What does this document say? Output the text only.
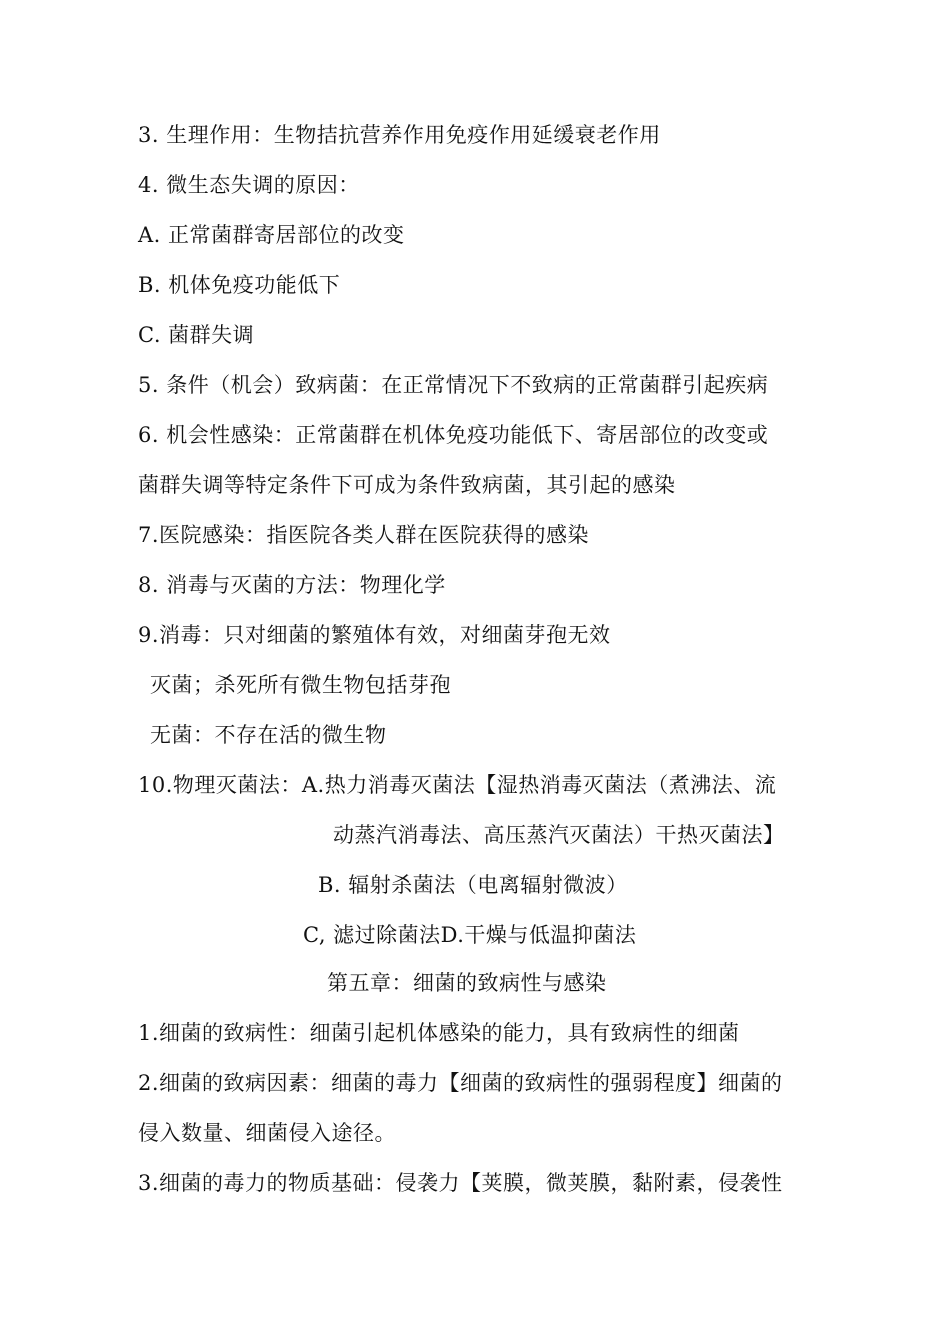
3. 生理作用：生物拮抗营养作用免疫作用延缓衰老作用
4. 微生态失调的原因：
A. 正常菌群寄居部位的改变
B. 机体免疫功能低下
C. 菌群失调
5. 条件（机会）致病菌：在正常情况下不致病的正常菌群引起疾病
6. 机会性感染：正常菌群在机体免疫功能低下、寄居部位的改变或
菌群失调等特定条件下可成为条件致病菌，其引起的感染
7.医院感染：指医院各类人群在医院获得的感染
8. 消毒与灭菌的方法：物理化学
9.消毒：只对细菌的繁殖体有效，对细菌芽孢无效
灭菌；杀死所有微生物包括芽孢
无菌：不存在活的微生物
10.物理灭菌法：A.热力消毒灭菌法【湿热消毒灭菌法（煮沸法、流
动蒸汽消毒法、高压蒸汽灭菌法）干热灭菌法】
B. 辐射杀菌法（电离辐射微波）
C, 滤过除菌法D.干燥与低温抑菌法
第五章：细菌的致病性与感染
1.细菌的致病性：细菌引起机体感染的能力，具有致病性的细菌
2.细菌的致病因素：细菌的毒力【细菌的致病性的强弱程度】细菌的
侵入数量、细菌侵入途径。
3.细菌的毒力的物质基础：侵袭力【荚膜，微荚膜，黏附素，侵袭性
